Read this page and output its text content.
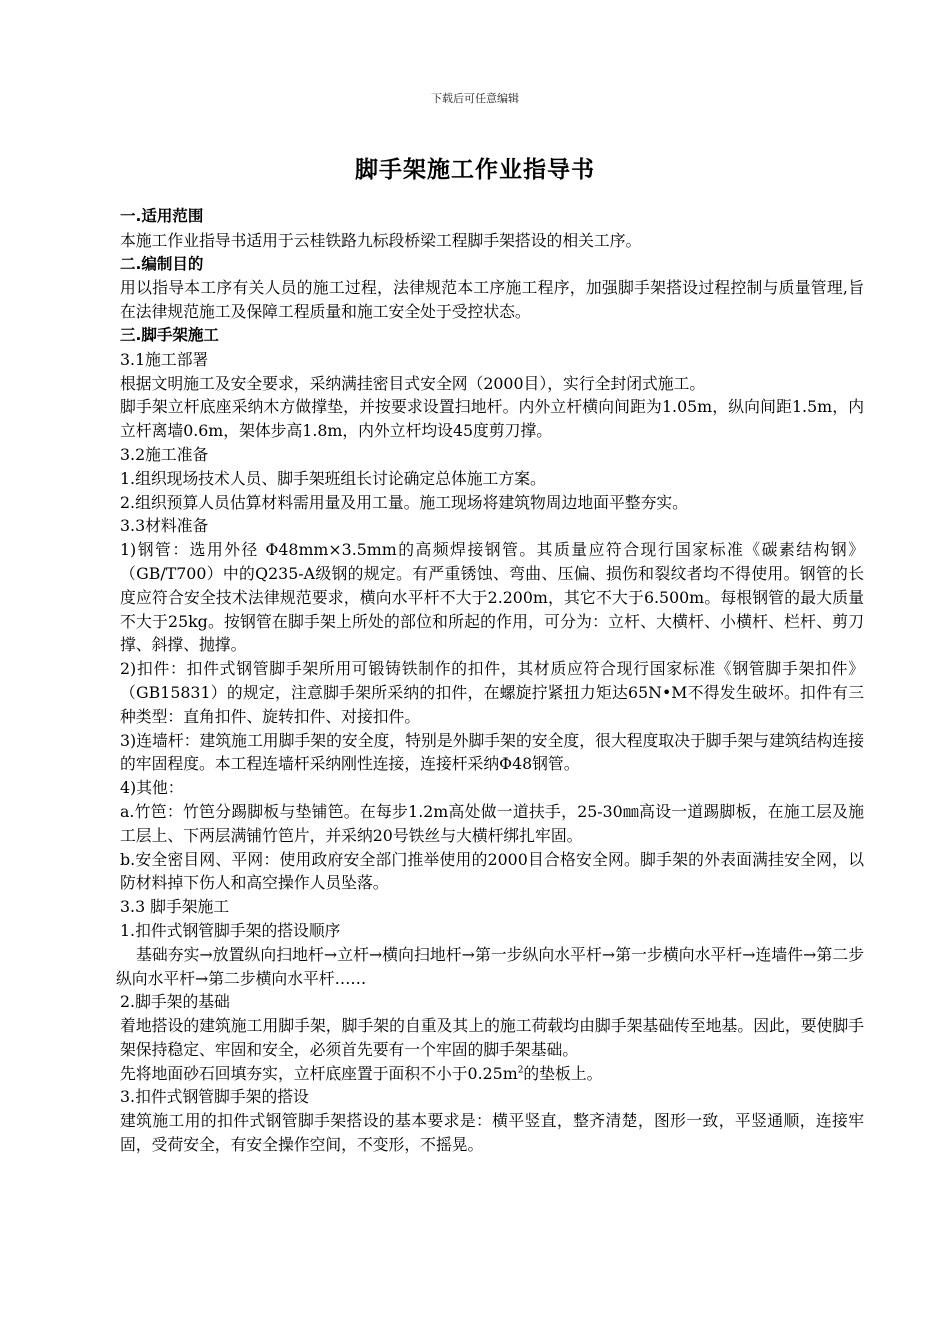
下载后可任意编辑
脚手架施工作业指导书

一.适用范围

本施工作业指导书适用于云桂铁路九标段桥梁工程脚手架搭设的相关工序。

二.编制目的

用以指导本工序有关人员的施工过程，法律规范本工序施工程序，加强脚手架搭设过程控制与质量管理,旨在法律规范施工及保障工程质量和施工安全处于受控状态。

三.脚手架施工

3.1施工部署

根据文明施工及安全要求，采纳满挂密目式安全网（2000目），实行全封闭式施工。

脚手架立杆底座采纳木方做撑垫，并按要求设置扫地杆。内外立杆横向间距为1.05m，纵向间距1.5m，内立杆离墙0.6m，架体步高1.8m，内外立杆均设45度剪刀撑。

3.2施工准备

1.组织现场技术人员、脚手架班组长讨论确定总体施工方案。

2.组织预算人员估算材料需用量及用工量。施工现场将建筑物周边地面平整夯实。

3.3材料准备

1)钢管：选用外径 Φ48mm×3.5mm的高频焊接钢管。其质量应符合现行国家标准《碳素结构钢》（GB/T700）中的Q235-A级钢的规定。有严重锈蚀、弯曲、压偏、损伤和裂纹者均不得使用。钢管的长度应符合安全技术法律规范要求，横向水平杆不大于2.200m，其它不大于6.500m。每根钢管的最大质量不大于25kg。按钢管在脚手架上所处的部位和所起的作用，可分为：立杆、大横杆、小横杆、栏杆、剪刀撑、斜撑、抛撑。

2)扣件：扣件式钢管脚手架所用可锻铸铁制作的扣件，其材质应符合现行国家标准《钢管脚手架扣件》（GB15831）的规定，注意脚手架所采纳的扣件，在螺旋拧紧扭力矩达65N•M不得发生破坏。扣件有三种类型：直角扣件、旋转扣件、对接扣件。

3)连墙杆：建筑施工用脚手架的安全度，特别是外脚手架的安全度，很大程度取决于脚手架与建筑结构连接的牢固程度。本工程连墙杆采纳刚性连接，连接杆采纳Φ48钢管。

4)其他：

a.竹笆：竹笆分踢脚板与垫铺笆。在每步1.2m高处做一道扶手，25-30㎜高设一道踢脚板，在施工层及施工层上、下两层满铺竹笆片，并采纳20号铁丝与大横杆绑扎牢固。

b.安全密目网、平网：使用政府安全部门推举使用的2000目合格安全网。脚手架的外表面满挂安全网，以防材料掉下伤人和高空操作人员坠落。

3.3 脚手架施工

1.扣件式钢管脚手架的搭设顺序

基础夯实→放置纵向扫地杆→立杆→横向扫地杆→第一步纵向水平杆→第一步横向水平杆→连墙件→第二步纵向水平杆→第二步横向水平杆……

2.脚手架的基础

着地搭设的建筑施工用脚手架，脚手架的自重及其上的施工荷载均由脚手架基础传至地基。因此，要使脚手架保持稳定、牢固和安全，必须首先要有一个牢固的脚手架基础。

先将地面砂石回填夯实，立杆底座置于面积不小于$0.25m^2$的垫板上。

3.扣件式钢管脚手架的搭设

建筑施工用的扣件式钢管脚手架搭设的基本要求是：横平竖直，整齐清楚，图形一致，平竖通顺，连接牢固，受荷安全，有安全操作空间，不变形，不摇晃。
